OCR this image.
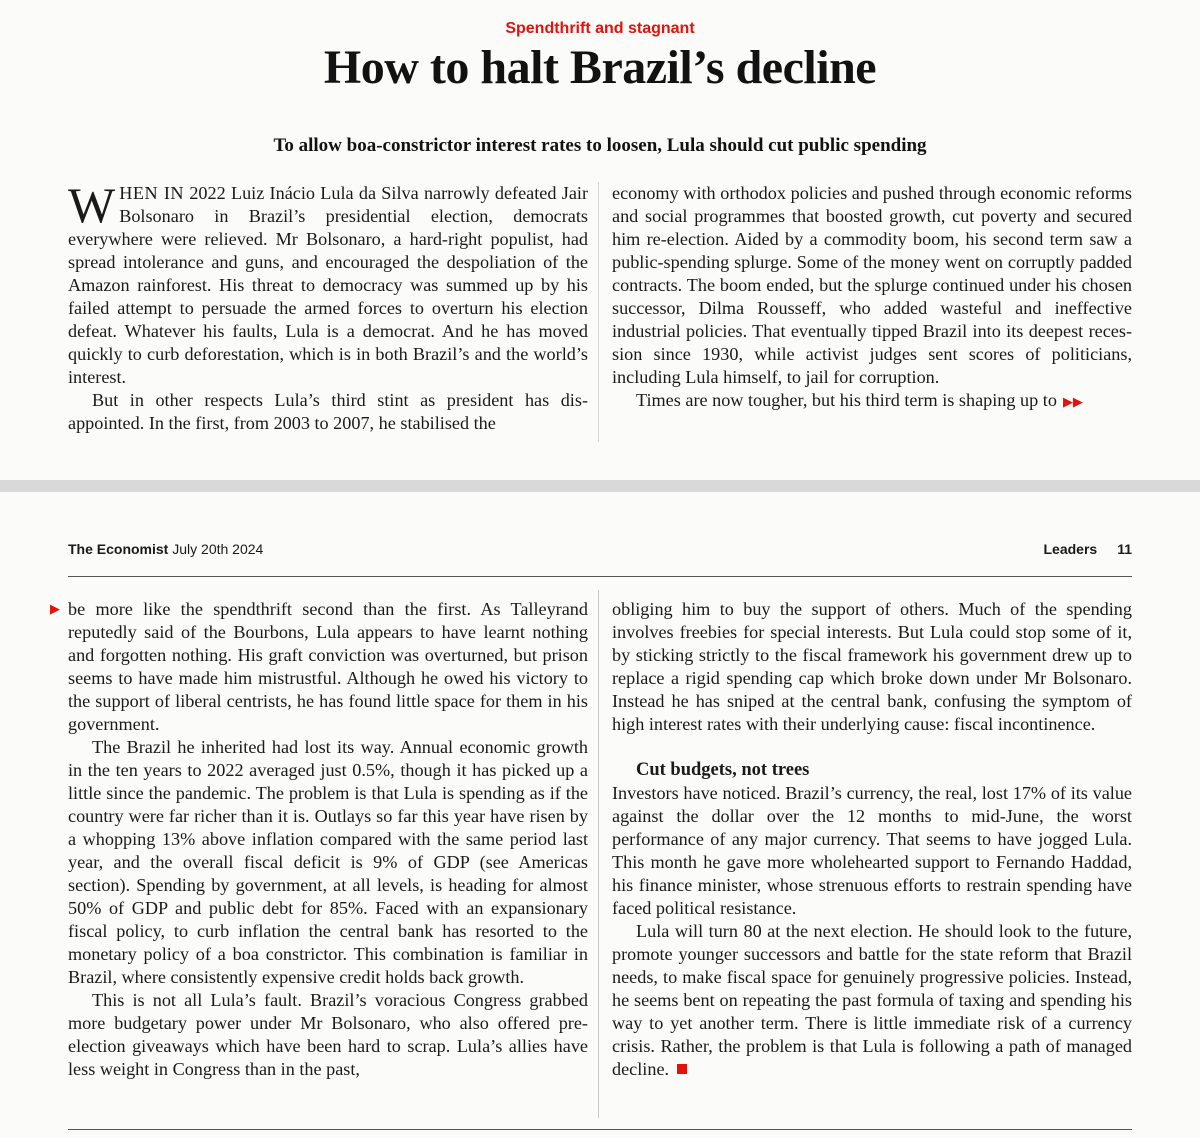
Spendthrift and stagnant
How to halt Brazil’s decline
To allow boa-constrictor interest rates to loosen, Lula should cut public spending

WHEN IN 2022 Luiz Inácio Lula da Silva narrowly defeated Jair Bolsonaro in Brazil’s presidential election, democrats everywhere were relieved. Mr Bolsonaro, a hard-right populist, had spread intolerance and guns, and encouraged the despoliation of the Amazon rainforest. His threat to democracy was summed up by his failed attempt to persuade the armed forces to overturn his election defeat. Whatever his faults, Lula is a democrat. And he has moved quickly to curb deforestation, which is in both Brazil’s and the world’s interest.

But in other respects Lula’s third stint as president has disappointed. In the first, from 2003 to 2007, he stabilised the

economy with orthodox policies and pushed through economic reforms and social programmes that boosted growth, cut poverty and secured him re-election. Aided by a commodity boom, his second term saw a public-spending splurge. Some of the money went on corruptly padded contracts. The boom ended, but the splurge continued under his chosen successor, Dilma Rousseff, who added wasteful and ineffective industrial policies. That eventually tipped Brazil into its deepest recession since 1930, while activist judges sent scores of politicians, including Lula himself, to jail for corruption.

Times are now tougher, but his third term is shaping up to ▶▶

The Economist July 20th 2024	Leaders 11
▶ be more like the spendthrift second than the first. As Talleyrand reputedly said of the Bourbons, Lula appears to have learnt nothing and forgotten nothing. His graft conviction was overturned, but prison seems to have made him mistrustful. Although he owed his victory to the support of liberal centrists, he has found little space for them in his government.

The Brazil he inherited had lost its way. Annual economic growth in the ten years to 2022 averaged just 0.5%, though it has picked up a little since the pandemic. The problem is that Lula is spending as if the country were far richer than it is. Outlays so far this year have risen by a whopping 13% above inflation compared with the same period last year, and the overall fiscal deficit is 9% of GDP (see Americas section). Spending by government, at all levels, is heading for almost 50% of GDP and public debt for 85%. Faced with an expansionary fiscal policy, to curb inflation the central bank has resorted to the monetary policy of a boa constrictor. This combination is familiar in Brazil, where consistently expensive credit holds back growth.

This is not all Lula’s fault. Brazil’s voracious Congress grabbed more budgetary power under Mr Bolsonaro, who also offered pre-election giveaways which have been hard to scrap. Lula’s allies have less weight in Congress than in the past,

obliging him to buy the support of others. Much of the spending involves freebies for special interests. But Lula could stop some of it, by sticking strictly to the fiscal framework his government drew up to replace a rigid spending cap which broke down under Mr Bolsonaro. Instead he has sniped at the central bank, confusing the symptom of high interest rates with their underlying cause: fiscal incontinence.

Cut budgets, not trees

Investors have noticed. Brazil’s currency, the real, lost 17% of its value against the dollar over the 12 months to mid-June, the worst performance of any major currency. That seems to have jogged Lula. This month he gave more wholehearted support to Fernando Haddad, his finance minister, whose strenuous efforts to restrain spending have faced political resistance.

Lula will turn 80 at the next election. He should look to the future, promote younger successors and battle for the state reform that Brazil needs, to make fiscal space for genuinely progressive policies. Instead, he seems bent on repeating the past formula of taxing and spending his way to yet another term. There is little immediate risk of a currency crisis. Rather, the problem is that Lula is following a path of managed decline.
